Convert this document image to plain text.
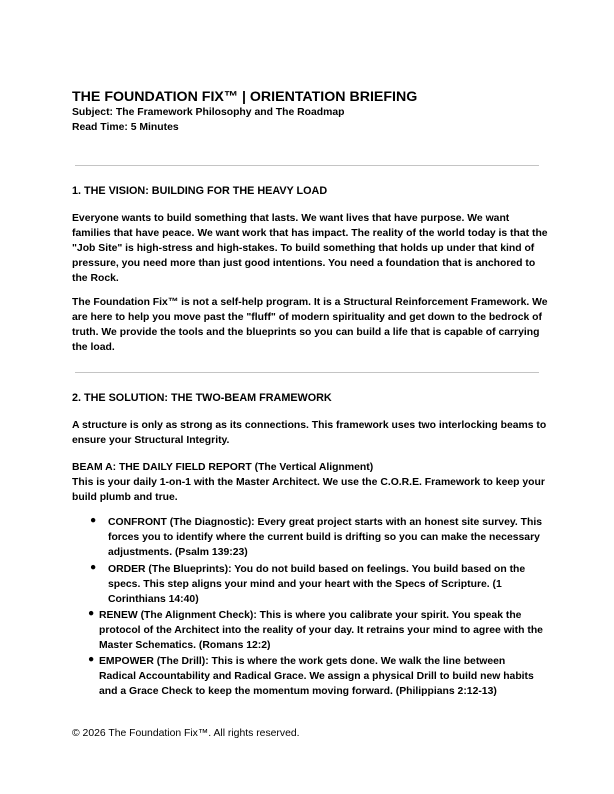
THE FOUNDATION FIX™ | ORIENTATION BRIEFING
Subject: The Framework Philosophy and The Roadmap
Read Time: 5 Minutes
1. THE VISION: BUILDING FOR THE HEAVY LOAD
Everyone wants to build something that lasts. We want lives that have purpose. We want families that have peace. We want work that has impact. The reality of the world today is that the "Job Site" is high-stress and high-stakes. To build something that holds up under that kind of pressure, you need more than just good intentions. You need a foundation that is anchored to the Rock.
The Foundation Fix™ is not a self-help program. It is a Structural Reinforcement Framework. We are here to help you move past the "fluff" of modern spirituality and get down to the bedrock of truth. We provide the tools and the blueprints so you can build a life that is capable of carrying the load.
2. THE SOLUTION: THE TWO-BEAM FRAMEWORK
A structure is only as strong as its connections. This framework uses two interlocking beams to ensure your Structural Integrity.
BEAM A: THE DAILY FIELD REPORT (The Vertical Alignment)
This is your daily 1-on-1 with the Master Architect. We use the C.O.R.E. Framework to keep your build plumb and true.
●	CONFRONT (The Diagnostic): Every great project starts with an honest site survey. This forces you to identify where the current build is drifting so you can make the necessary adjustments. (Psalm 139:23)
●	ORDER (The Blueprints): You do not build based on feelings. You build based on the specs. This step aligns your mind and your heart with the Specs of Scripture. (1 Corinthians 14:40)
● RENEW (The Alignment Check): This is where you calibrate your spirit. You speak the protocol of the Architect into the reality of your day. It retrains your mind to agree with the Master Schematics. (Romans 12:2)
● EMPOWER (The Drill): This is where the work gets done. We walk the line between Radical Accountability and Radical Grace. We assign a physical Drill to build new habits and a Grace Check to keep the momentum moving forward. (Philippians 2:12-13)
© 2026 The Foundation Fix™. All rights reserved.
